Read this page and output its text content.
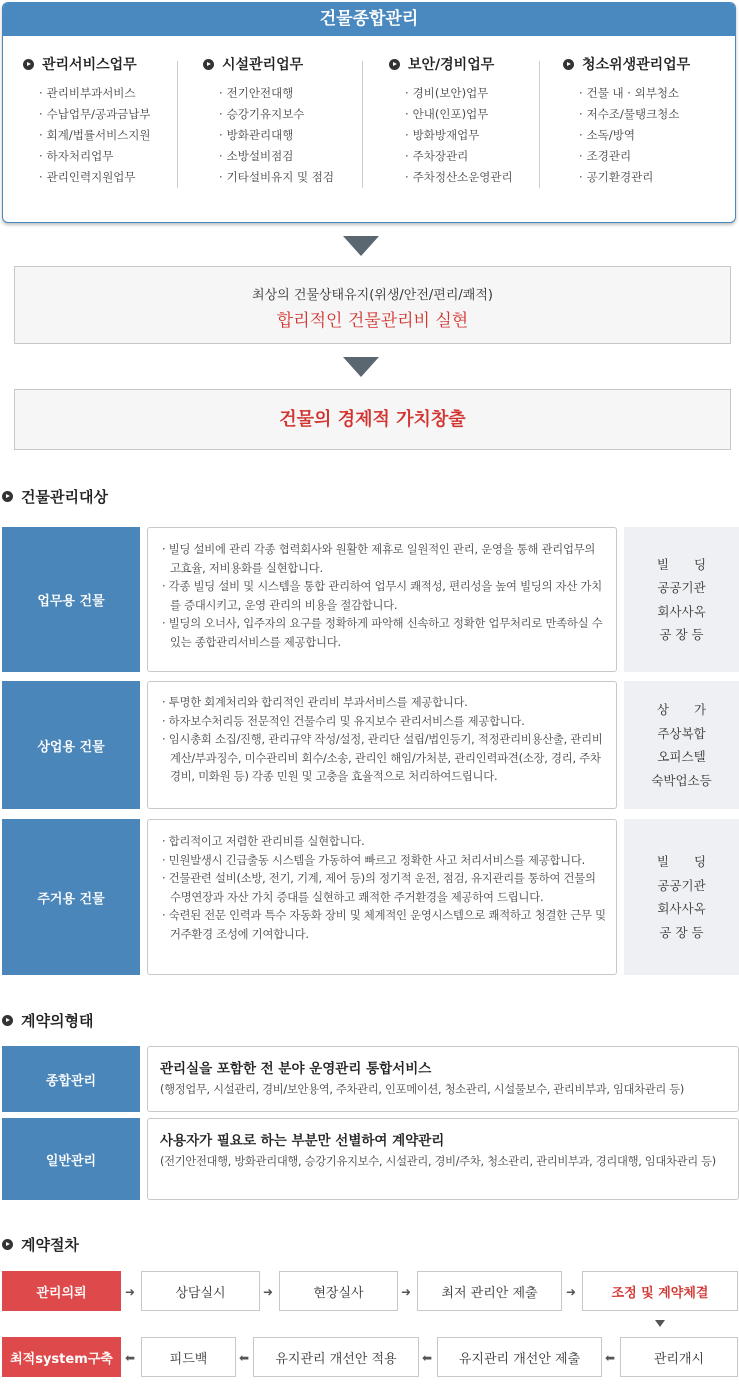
건물종합관리
관리서비스업무
· 관리비부과서비스
· 수납업무/공과금납부
· 회계/법률서비스지원
· 하자처리업무
· 관리인력지원업무
시설관리업무
· 전기안전대행
· 승강기유지보수
· 방화관리대행
· 소방설비점검
· 기타설비유지 및 점검
보안/경비업무
· 경비(보안)업무
· 안내(인포)업무
· 방화방재업무
· 주차장관리
· 주차정산소운영관리
청소위생관리업무
· 건물 내 · 외부청소
· 저수조/물탱크청소
· 소독/방역
· 조경관리
· 공기환경관리
최상의 건물상태유지(위생/안전/편리/쾌적)
합리적인 건물관리비 실현
건물의 경제적 가치창출
건물관리대상
업무용 건물

· 빌딩 설비에 관리 각종 협력회사와 원활한 제휴로 일원적인 관리, 운영을 통해 관리업무의 고효율, 저비용화를 실현합니다.

· 각종 빌딩 설비 및 시스템을 통합 관리하여 업무시 쾌적성, 편리성을 높여 빌딩의 자산 가치를 증대시키고, 운영 관리의 비용을 절감합니다.

· 빌딩의 오너사, 입주자의 요구를 정확하게 파악해 신속하고 정확한 업무처리로 만족하실 수 있는 종합관리서비스를 제공합니다.

빌　　딩
공공기관
회사사옥
공 장 등
상업용 건물

· 투명한 회계처리와 합리적인 관리비 부과서비스를 제공합니다.

· 하자보수처리등 전문적인 건물수리 및 유지보수 관리서비스를 제공합니다.

· 임시총회 소집/진행, 관리규약 작성/설정, 관리단 설립/법인등기, 적정관리비용산출, 관리비계산/부과징수, 미수관리비 회수/소송, 관리인 해임/가처분, 관리인력파견(소장, 경리, 주차경비, 미화원 등) 각종 민원 및 고충을 효율적으로 처리하여드립니다.

상　　가
주상복합
오피스텔
숙박업소등
주거용 건물

· 합리적이고 저렴한 관리비를 실현합니다.

· 민원발생시 긴급출동 시스템을 가동하여 빠르고 정확한 사고 처리서비스를 제공합니다.

· 건물관련 설비(소방, 전기, 기계, 제어 등)의 정기적 운전, 점검, 유지관리를 통하여 건물의 수명연장과 자산 가치 증대를 실현하고 쾌적한 주거환경을 제공하여 드립니다.

· 숙련된 전문 인력과 특수 자동화 장비 및 체계적인 운영시스템으로 쾌적하고 청결한 근무 및 거주환경 조성에 기여합니다.

빌　　딩
공공기관
회사사옥
공 장 등
계약의형태
종합관리
관리실을 포함한 전 분야 운영관리 통합서비스
(행정업무, 시설관리, 경비/보안용역, 주차관리, 인포메이션, 청소관리, 시설물보수, 관리비부과, 임대차관리 등)
일반관리
사용자가 필요로 하는 부분만 선별하여 계약관리
(전기안전대행, 방화관리대행, 승강기유지보수, 시설관리, 경비/주차, 청소관리, 관리비부과, 경리대행, 임대차관리 등)
계약절차
관리의뢰	➜	상담실시	➜	현장실사	➜	최저 관리안 제출	➜	조정 및 계약체결
최적system구축	⬅	피드백	⬅	유지관리 개선안 적용	⬅	유지관리 개선안 제출	⬅	관리개시
